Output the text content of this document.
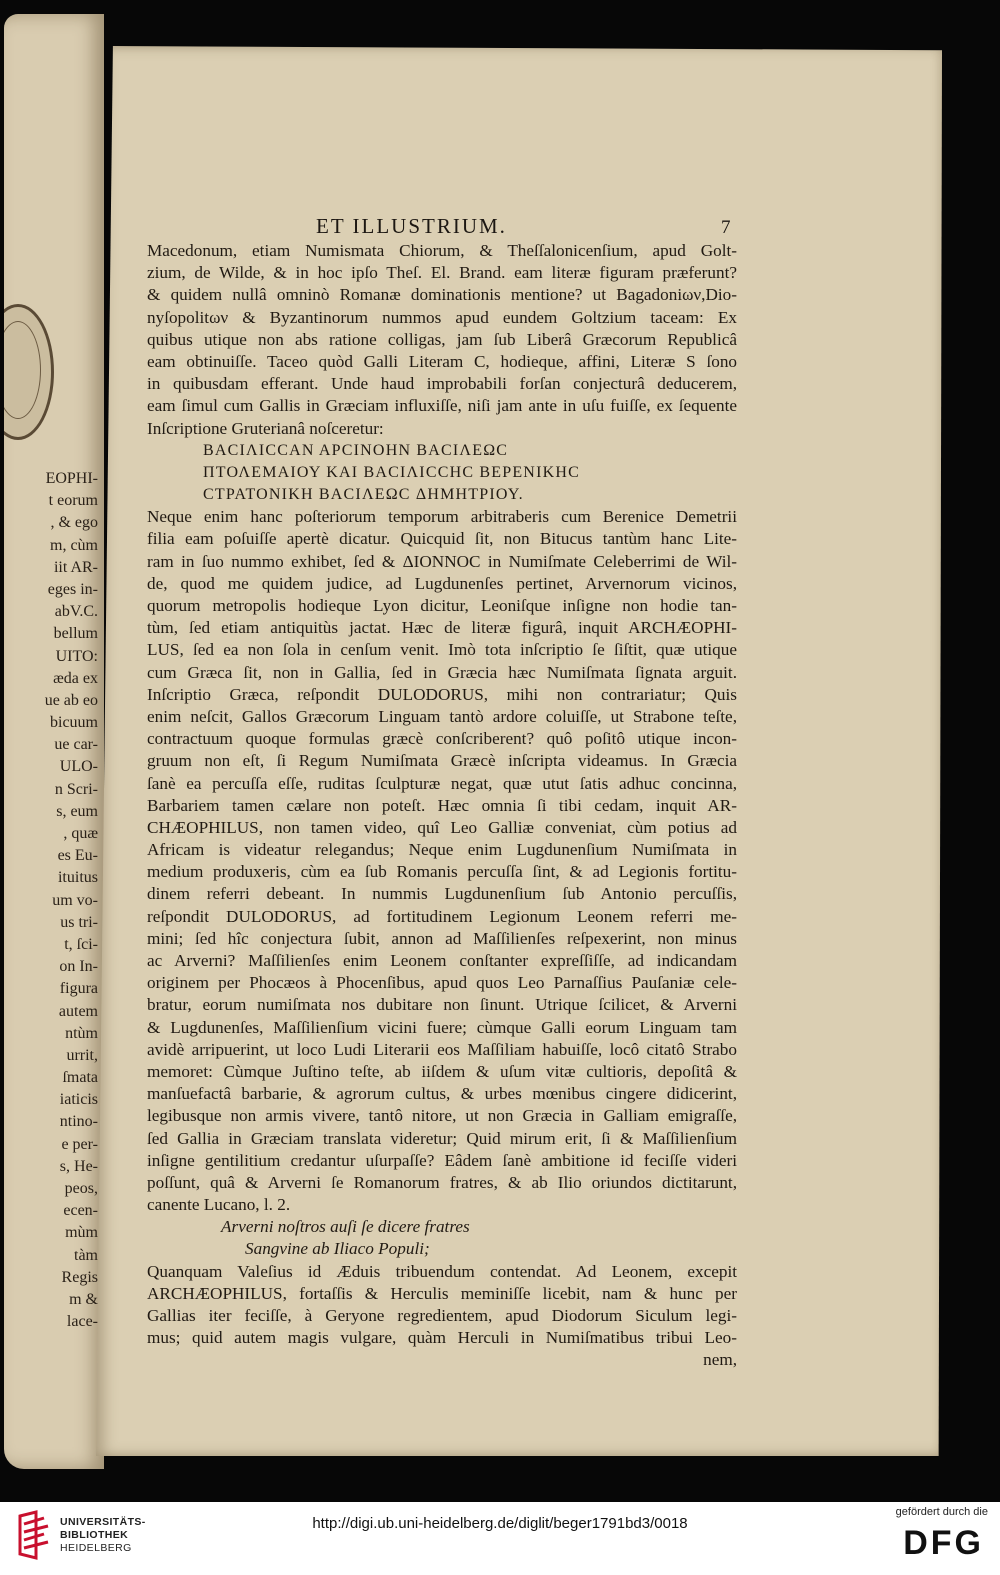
EOPHI-
t eorum
, & ego
m, cùm
iit AR-
eges in-
abV.C.
bellum
UITO:
æda ex
ue ab eo
bicuum
ue car-
ULO-
n Scri-
s, eum
, quæ
es Eu-
ituitus
um vo-
us tri-
t, ſci-
on In-
figura
autem
ntùm
urrit,
ſmata
iaticis
ntino-
e per-
s, He-
peos,
ecen-
mùm
tàm
Regis
m &
lace-
ET ILLUSTRIUM.	7
Macedonum, etiam Numismata Chiorum, & Theſſalonicenſium, apud Golt-
zium, de Wilde, & in hoc ipſo Theſ. El. Brand. eam literæ figuram præferunt?
& quidem nullâ omninò Romanæ dominationis mentione? ut Bagadoniων,Dio-
nyſopolitων & Byzantinorum nummos apud eundem Goltzium taceam: Ex
quibus utique non abs ratione colligas, jam ſub Liberâ Græcorum Republicâ
eam obtinuiſſe. Taceo quòd Galli Literam C, hodieque, affini, Literæ S ſono
in quibusdam efferant. Unde haud improbabili forſan conjecturâ deducerem,
eam ſimul cum Gallis in Græciam influxiſſe, niſi jam ante in uſu fuiſſe, ex ſequente
Inſcriptione Gruterianâ noſceretur:
ΒΑCΙΛΙCCΑΝ ΑΡCΙΝΟΗΝ ΒΑCΙΛΕΩC
ΠΤΟΛΕΜΑΙΟΥ ΚΑΙ ΒΑCΙΛΙCCΗC ΒΕΡΕΝΙΚΗC
CΤΡΑΤΟΝΙΚΗ ΒΑCΙΛΕΩC ΔΗΜΗΤΡΙΟΥ.
Neque enim hanc poſteriorum temporum arbitraberis cum Berenice Demetrii
filia eam poſuiſſe apertè dicatur. Quicquid ſit, non Bitucus tantùm hanc Lite-
ram in ſuo nummo exhibet, ſed & ΔΙΟΝΝΟC in Numiſmate Celeberrimi de Wil-
de, quod me quidem judice, ad Lugdunenſes pertinet, Arvernorum vicinos,
quorum metropolis hodieque Lyon dicitur, Leoniſque inſigne non hodie tan-
tùm, ſed etiam antiquitùs jactat. Hæc de literæ figurâ, inquit ARCHÆOPHI-
LUS, ſed ea non ſola in cenſum venit. Imò tota inſcriptio ſe ſiſtit, quæ utique
cum Græca ſit, non in Gallia, ſed in Græcia hæc Numiſmata ſignata arguit.
Inſcriptio Græca, reſpondit DULODORUS, mihi non contrariatur; Quis
enim neſcit, Gallos Græcorum Linguam tantò ardore coluiſſe, ut Strabone teſte,
contractuum quoque formulas græcè conſcriberent? quô poſitô utique incon-
gruum non eſt, ſi Regum Numiſmata Græcè inſcripta videamus. In Græcia
ſanè ea percuſſa eſſe, ruditas ſculpturæ negat, quæ utut ſatis adhuc concinna,
Barbariem tamen cælare non poteſt. Hæc omnia ſi tibi cedam, inquit AR-
CHÆOPHILUS, non tamen video, quî Leo Galliæ conveniat, cùm potius ad
Africam is videatur relegandus; Neque enim Lugdunenſium Numiſmata in
medium produxeris, cùm ea ſub Romanis percuſſa ſint, & ad Legionis fortitu-
dinem referri debeant. In nummis Lugdunenſium ſub Antonio percuſſis,
reſpondit DULODORUS, ad fortitudinem Legionum Leonem referri me-
mini; ſed hîc conjectura ſubit, annon ad Maſſilienſes reſpexerint, non minus
ac Arverni? Maſſilienſes enim Leonem conſtanter expreſſiſſe, ad indicandam
originem per Phocæos à Phocenſibus, apud quos Leo Parnaſſius Pauſaniæ cele-
bratur, eorum numiſmata nos dubitare non ſinunt. Utrique ſcilicet, & Arverni
& Lugdunenſes, Maſſilienſium vicini fuere; cùmque Galli eorum Linguam tam
avidè arripuerint, ut loco Ludi Literarii eos Maſſiliam habuiſſe, locô citatô Strabo
memoret: Cùmque Juſtino teſte, ab iiſdem & uſum vitæ cultioris, depoſitâ &
manſuefactâ barbarie, & agrorum cultus, & urbes mœnibus cingere didicerint,
legibusque non armis vivere, tantô nitore, ut non Græcia in Galliam emigraſſe,
ſed Gallia in Græciam translata videretur; Quid mirum erit, ſi & Maſſilienſium
inſigne gentilitium credantur uſurpaſſe? Eâdem ſanè ambitione id feciſſe videri
poſſunt, quâ & Arverni ſe Romanorum fratres, & ab Ilio oriundos dictitarunt,
canente Lucano, l. 2.
Arverni noſtros auſi ſe dicere fratres
Sangvine ab Iliaco Populi;
Quanquam Valeſius id Æduis tribuendum contendat. Ad Leonem, excepit
ARCHÆOPHILUS, fortaſſis & Herculis meminiſſe licebit, nam & hunc per
Gallias iter feciſſe, à Geryone regredientem, apud Diodorum Siculum legi-
mus; quid autem magis vulgare, quàm Herculi in Numiſmatibus tribui Leo-
nem,
UNIVERSITÄTS-
BIBLIOTHEK
HEIDELBERG
http://digi.ub.uni-heidelberg.de/diglit/beger1791bd3/0018
gefördert durch die
DFG
